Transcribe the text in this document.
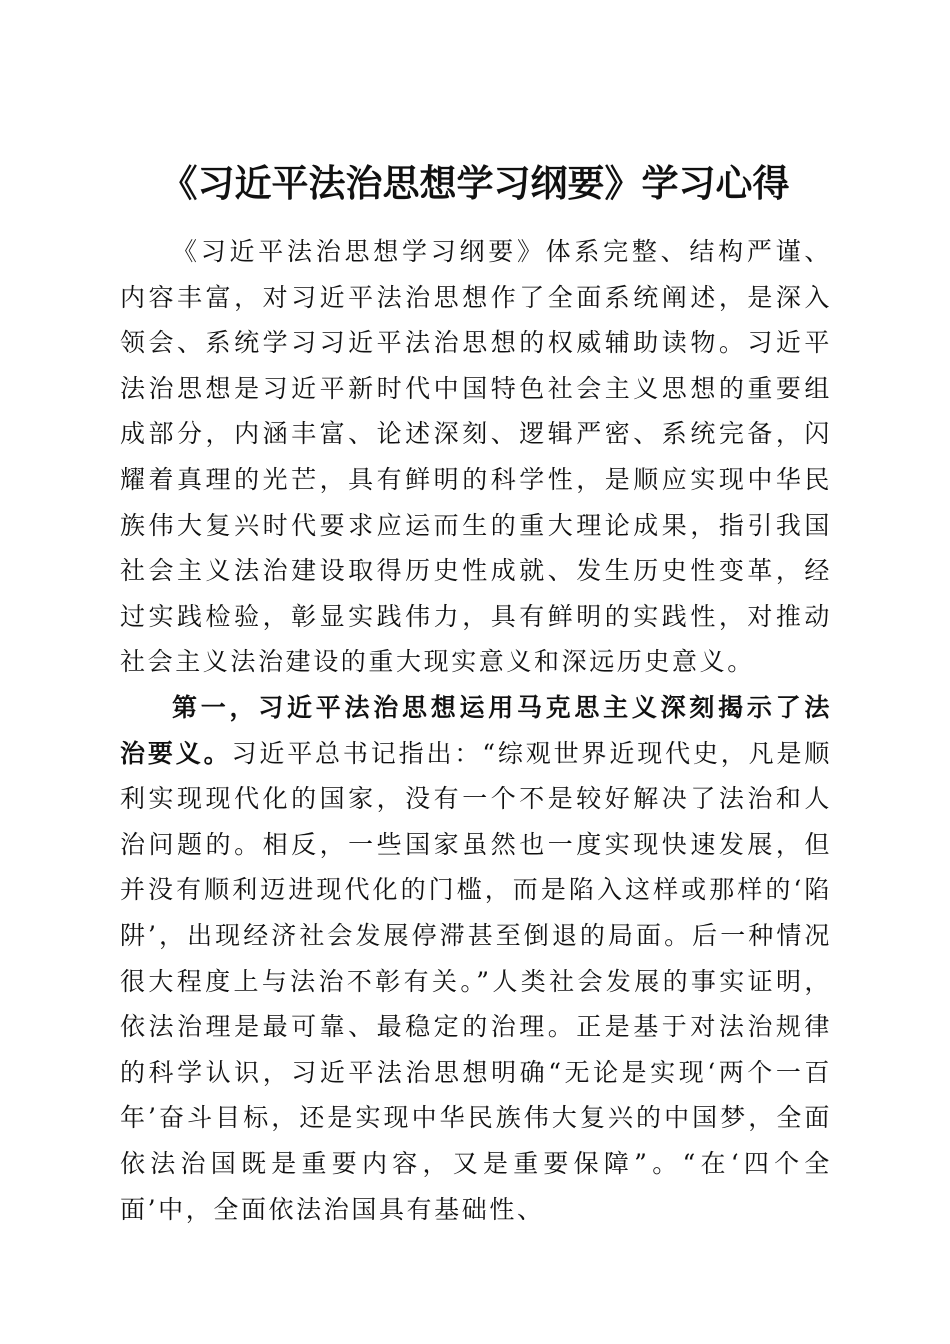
《习近平法治思想学习纲要》学习心得

《习近平法治思想学习纲要》体系完整、结构严谨、内容丰富，对习近平法治思想作了全面系统阐述，是深入领会、系统学习习近平法治思想的权威辅助读物。习近平法治思想是习近平新时代中国特色社会主义思想的重要组成部分，内涵丰富、论述深刻、逻辑严密、系统完备，闪耀着真理的光芒，具有鲜明的科学性，是顺应实现中华民族伟大复兴时代要求应运而生的重大理论成果，指引我国社会主义法治建设取得历史性成就、发生历史性变革，经过实践检验，彰显实践伟力，具有鲜明的实践性，对推动社会主义法治建设的重大现实意义和深远历史意义。

第一，习近平法治思想运用马克思主义深刻揭示了法治要义。习近平总书记指出：“综观世界近现代史，凡是顺利实现现代化的国家，没有一个不是较好解决了法治和人治问题的。相反，一些国家虽然也一度实现快速发展，但并没有顺利迈进现代化的门槛，而是陷入这样或那样的‘陷阱’，出现经济社会发展停滞甚至倒退的局面。后一种情况很大程度上与法治不彰有关。”人类社会发展的事实证明，依法治理是最可靠、最稳定的治理。正是基于对法治规律的科学认识，习近平法治思想明确“无论是实现‘两个一百年’奋斗目标，还是实现中华民族伟大复兴的中国梦，全面依法治国既是重要内容，又是重要保障”。“在‘四个全面’中，全面依法治国具有基础性、
